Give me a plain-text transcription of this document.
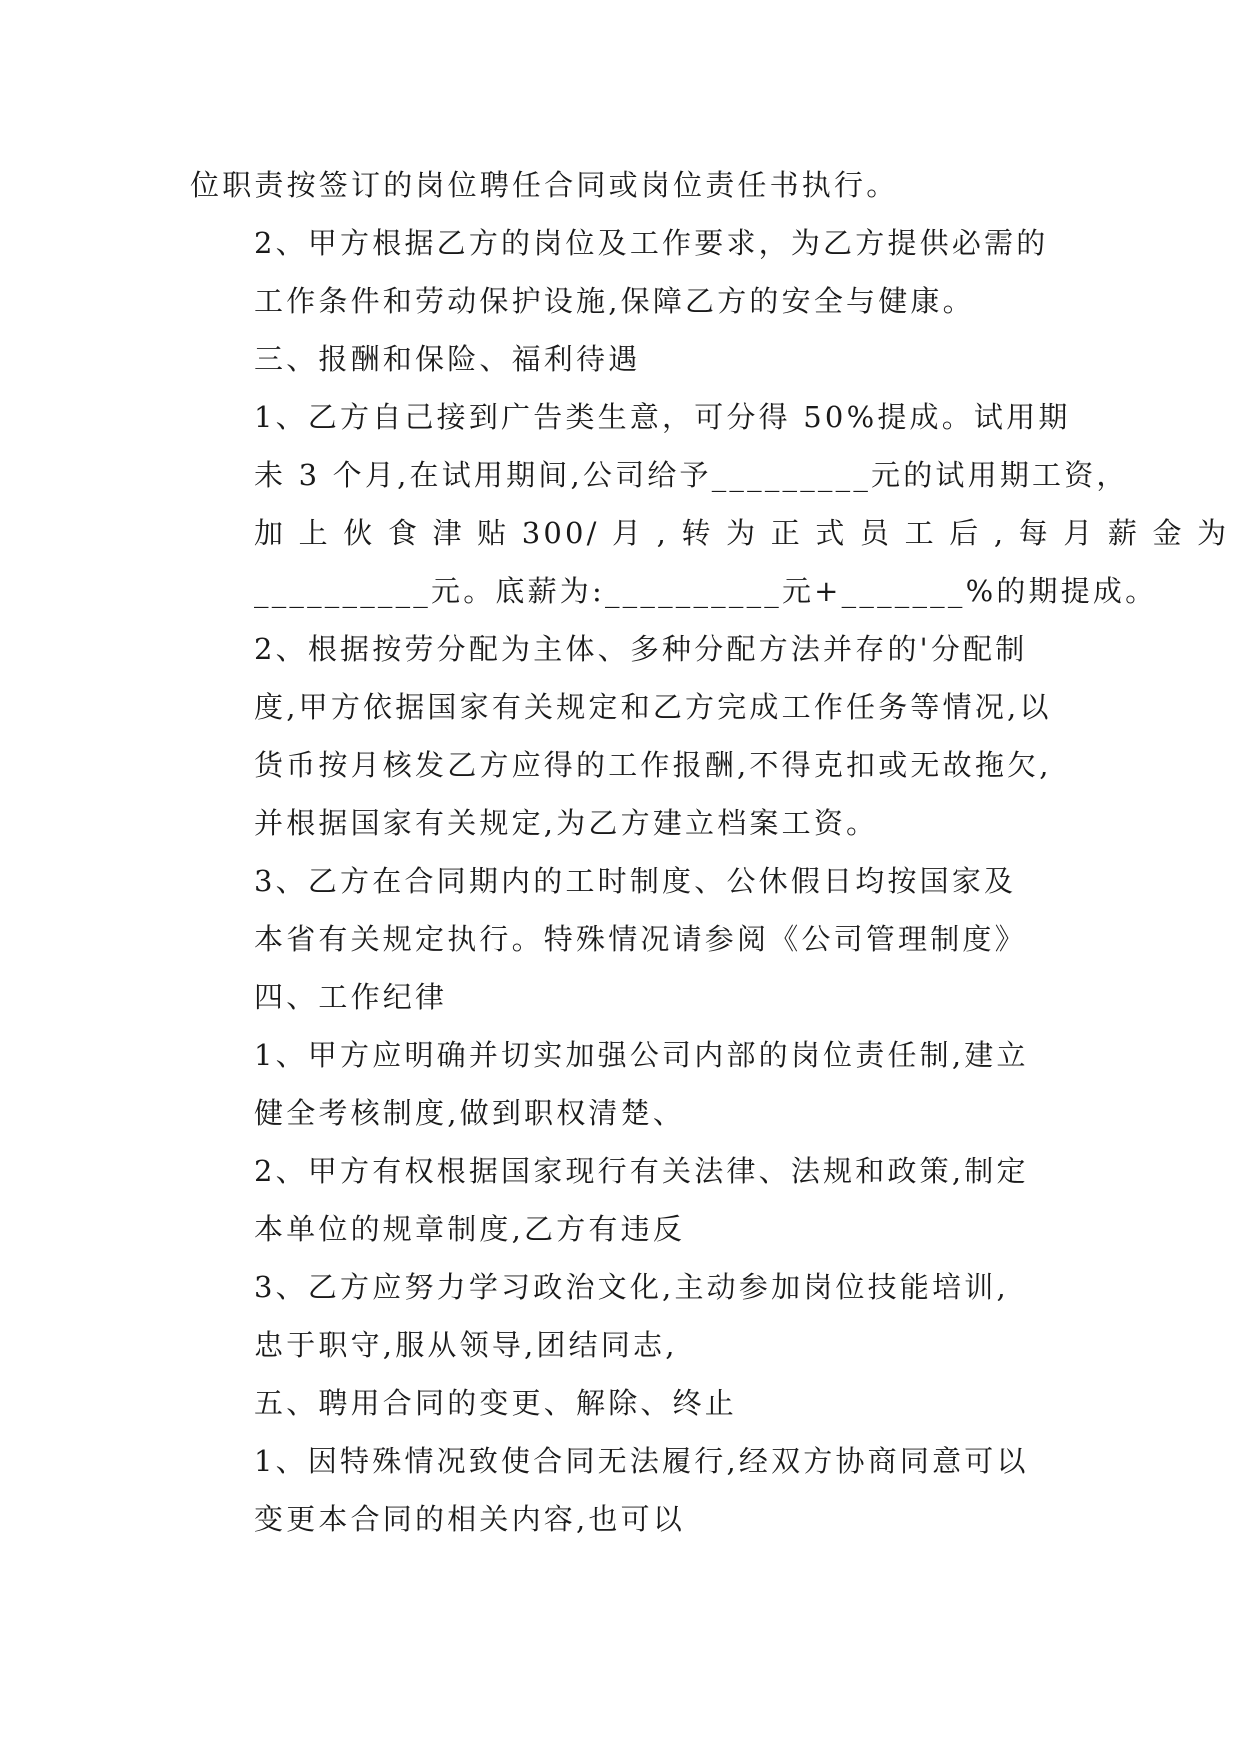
位职责按签订的岗位聘任合同或岗位责任书执行。

2、甲方根据乙方的岗位及工作要求，为乙方提供必需的
工作条件和劳动保护设施,保障乙方的安全与健康。

三、报酬和保险、福利待遇

1、乙方自己接到广告类生意，可分得 50%提成。试用期
未 3 个月,在试用期间,公司给予_________元的试用期工资，
加 上 伙 食 津 贴 300/ 月 , 转 为 正 式 员 工 后 , 每 月 薪 金 为
__________元。底薪为:__________元+_______%的期提成。

2、根据按劳分配为主体、多种分配方法并存的'分配制
度,甲方依据国家有关规定和乙方完成工作任务等情况,以
货币按月核发乙方应得的工作报酬,不得克扣或无故拖欠,
并根据国家有关规定,为乙方建立档案工资。

3、乙方在合同期内的工时制度、公休假日均按国家及
本省有关规定执行。特殊情况请参阅《公司管理制度》

四、工作纪律

1、甲方应明确并切实加强公司内部的岗位责任制,建立
健全考核制度,做到职权清楚、

2、甲方有权根据国家现行有关法律、法规和政策,制定
本单位的规章制度,乙方有违反

3、乙方应努力学习政治文化,主动参加岗位技能培训,
忠于职守,服从领导,团结同志,

五、聘用合同的变更、解除、终止

1、因特殊情况致使合同无法履行,经双方协商同意可以
变更本合同的相关内容,也可以
